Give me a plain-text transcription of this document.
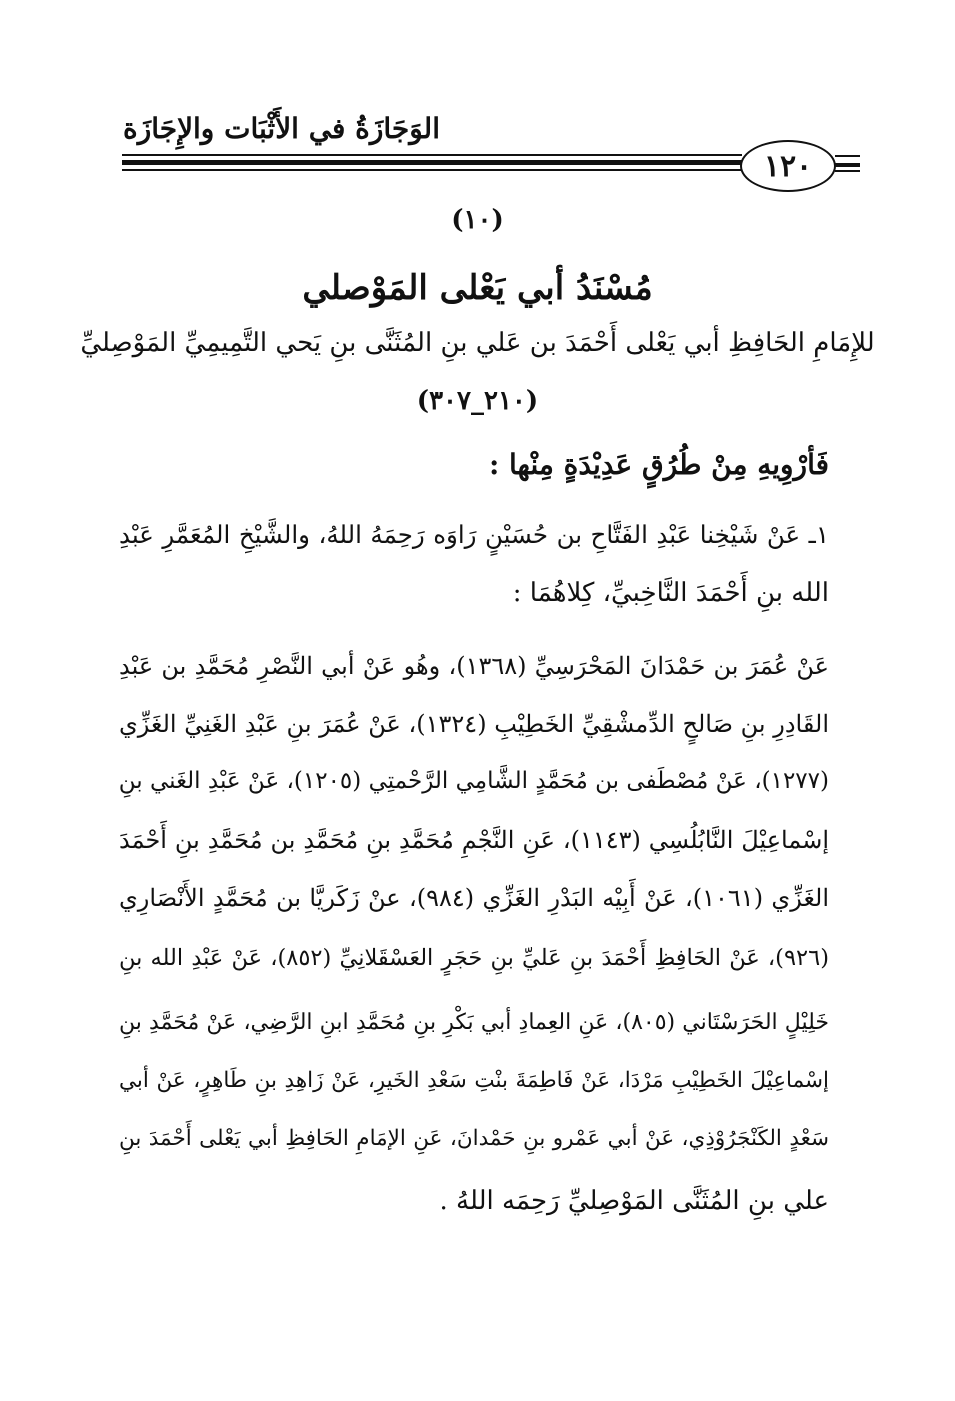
الوَجَازَةُ في الأَثْبَات والإِجَازَة
١٢٠
(١٠)
مُسْنَدُ أبي يَعْلى المَوْصلي
للإِمَامِ الحَافِظِ أبي يَعْلى أَحْمَدَ بن عَلي بنِ المُثَنَّى بنِ يَحي التَّمِيمِيِّ المَوْصِليِّ
(٢١٠_٣٠٧)
فَأرْوِيهِ مِنْ طُرُقٍ عَدِيْدَةٍ مِنْها :
١ـ عَنْ شَيْخِنا عَبْدِ الفَتَّاحِ بن حُسَيْنٍ رَاوَه رَحِمَهُ اللهُ، والشَّيْخِ المُعَمَّرِ عَبْدِ
الله بنِ أَحْمَدَ النَّاخِبيِّ، كِلاهُمَا :
عَنْ عُمَرَ بن حَمْدَانَ المَحْرَسِيِّ (١٣٦٨)، وهُو عَنْ أبي النَّصْرِ مُحَمَّدِ بن عَبْدِ
القَادِرِ بنِ صَالحٍ الدِّمشْقِيِّ الخَطِيْبِ (١٣٢٤)، عَنْ عُمَرَ بنِ عَبْدِ الغَنِيِّ الغَزِّي
(١٢٧٧)، عَنْ مُصْطَفى بن مُحَمَّدٍ الشَّامِي الرَّحْمتِي (١٢٠٥)، عَنْ عَبْدِ الغَني بنِ
إسْماعِيْلَ النَّابُلُسِي (١١٤٣)، عَنِ النَّجْمِ مُحَمَّدِ بنِ مُحَمَّدِ بن مُحَمَّدِ بنِ أَحْمَدَ
الغَزِّي (١٠٦١)، عَنْ أَبِيْه البَدْرِ الغَزِّي (٩٨٤)، عنْ زَكَريَّا بن مُحَمَّدٍ الأَنْصَارِي
(٩٢٦)، عَنْ الحَافِظِ أَحْمَدَ بنِ عَليِّ بنِ حَجَرٍ العَسْقَلانِيِّ (٨٥٢)، عَنْ عَبْدِ الله بنِ
خَلِيْلٍ الحَرَسْتَاني (٨٠٥)، عَنِ العِمادِ أبي بَكْرِ بنِ مُحَمَّدِ ابنِ الرَّضِي، عَنْ مُحَمَّدِ بنِ
إسْماعِيْلَ الخَطِيْبِ مَرْدَا، عَنْ فَاطِمَةَ بنْتِ سَعْدِ الخَيرِ، عَنْ زَاهِدِ بنِ طَاهِرٍ، عَنْ أبي
سَعْدٍ الكَنْجَرُوْذِي، عَنْ أبي عَمْرو بنِ حَمْدانَ، عَنِ الإمَامِ الحَافِظِ أبي يَعْلى أَحْمَدَ بنِ
علي بنِ المُثَنَّى المَوْصِليِّ رَحِمَه اللهُ .
